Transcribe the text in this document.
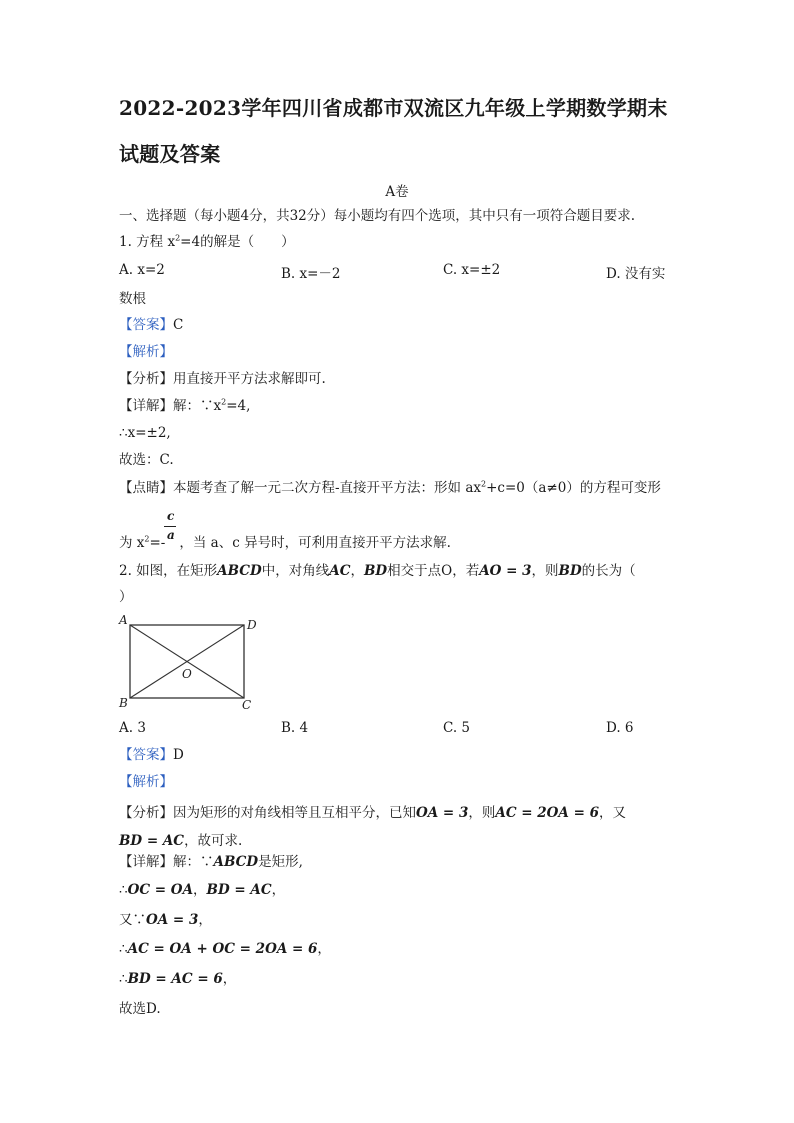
2022-2023学年四川省成都市双流区九年级上学期数学期末
试题及答案
A卷
一、选择题（每小题4分，共32分）每小题均有四个选项，其中只有一项符合题目要求.
1. 方程 $x^2=4$的解是（　　）
A. x=2	B. x=－2	C. x=±2	D. 没有实
数根
【答案】C
【解析】
【分析】用直接开平方法求解即可.
【详解】解：$\because x^2=4$,
∴x=±2,
故选：C.
【点睛】本题考查了解一元二次方程-直接开平方法：形如 $ax^2+c=0(a\ne 0)$的方程可变形
c
a
为 $x^2=-$ ，当 a、c 异号时，可利用直接开平方法求解.
2. 如图，在矩形ABCD中，对角线AC，BD相交于点O，若AO = 3，则BD的长为（
）
A	D
B	C
O
A. 3	B. 4	C. 5	D. 6
【答案】D
【解析】
【分析】因为矩形的对角线相等且互相平分，已知OA = 3，则AC = 2OA = 6，又
BD = AC，故可求.
【详解】解：∵ABCD是矩形,
∴OC = OA，BD = AC，
又∵OA = 3，
∴AC = OA + OC = 2OA = 6，
∴BD = AC = 6，
故选D.
